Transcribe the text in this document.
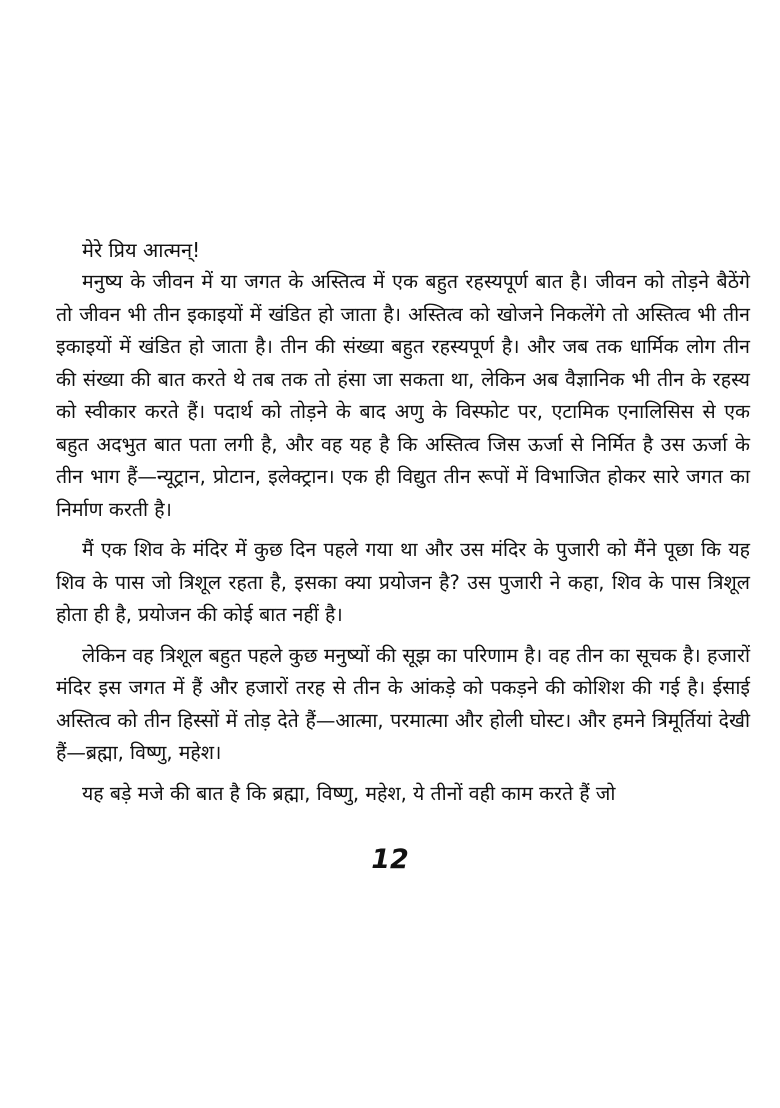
मेरे प्रिय आत्मन्!

मनुष्य के जीवन में या जगत के अस्तित्व में एक बहुत रहस्यपूर्ण बात है। जीवन को तोड़ने बैठेंगे तो जीवन भी तीन इकाइयों में खंडित हो जाता है। अस्तित्व को खोजने निकलेंगे तो अस्तित्व भी तीन इकाइयों में खंडित हो जाता है। तीन की संख्या बहुत रहस्यपूर्ण है। और जब तक धार्मिक लोग तीन की संख्या की बात करते थे तब तक तो हंसा जा सकता था, लेकिन अब वैज्ञानिक भी तीन के रहस्य को स्वीकार करते हैं। पदार्थ को तोड़ने के बाद अणु के विस्फोट पर, एटामिक एनालिसिस से एक बहुत अदभुत बात पता लगी है, और वह यह है कि अस्तित्व जिस ऊर्जा से निर्मित है उस ऊर्जा के तीन भाग हैं—न्यूट्रान, प्रोटान, इलेक्ट्रान। एक ही विद्युत तीन रूपों में विभाजित होकर सारे जगत का निर्माण करती है।

मैं एक शिव के मंदिर में कुछ दिन पहले गया था और उस मंदिर के पुजारी को मैंने पूछा कि यह शिव के पास जो त्रिशूल रहता है, इसका क्या प्रयोजन है? उस पुजारी ने कहा, शिव के पास त्रिशूल होता ही है, प्रयोजन की कोई बात नहीं है।

लेकिन वह त्रिशूल बहुत पहले कुछ मनुष्यों की सूझ का परिणाम है। वह तीन का सूचक है। हजारों मंदिर इस जगत में हैं और हजारों तरह से तीन के आंकड़े को पकड़ने की कोशिश की गई है। ईसाई अस्तित्व को तीन हिस्सों में तोड़ देते हैं—आत्मा, परमात्मा और होली घोस्ट। और हमने त्रिमूर्तियां देखी हैं—ब्रह्मा, विष्णु, महेश।

यह बड़े मजे की बात है कि ब्रह्मा, विष्णु, महेश, ये तीनों वही काम करते हैं जो

12
